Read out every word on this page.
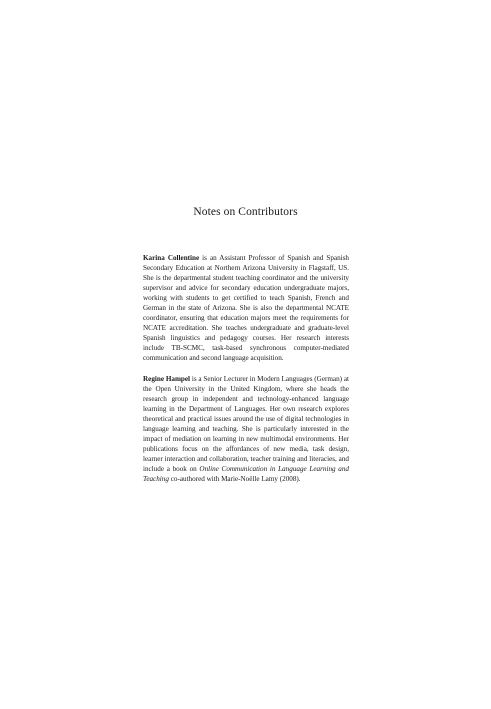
Notes on Contributors

Karina Collentine is an Assistant Professor of Spanish and Spanish Secondary Education at Northern Arizona University in Flagstaff, US. She is the departmental student teaching coordinator and the university supervisor and advice for secondary education undergraduate majors, working with students to get certified to teach Spanish, French and German in the state of Arizona. She is also the departmental NCATE coordinator, ensuring that education majors meet the requirements for NCATE accreditation. She teaches undergraduate and graduate-level Spanish linguistics and pedagogy courses. Her research interests include TB-SCMC, task-based synchronous computer-mediated communication and second language acquisition.

Regine Hampel is a Senior Lecturer in Modern Languages (German) at the Open University in the United Kingdom, where she heads the research group in independent and technology-enhanced language learning in the Department of Languages. Her own research explores theoretical and practical issues around the use of digital technologies in language learning and teaching. She is particularly interested in the impact of mediation on learning in new multimodal environments. Her publications focus on the affordances of new media, task design, learner interaction and collaboration, teacher training and literacies, and include a book on Online Communication in Language Learning and Teaching co-authored with Marie-Noëlle Lamy (2008).
